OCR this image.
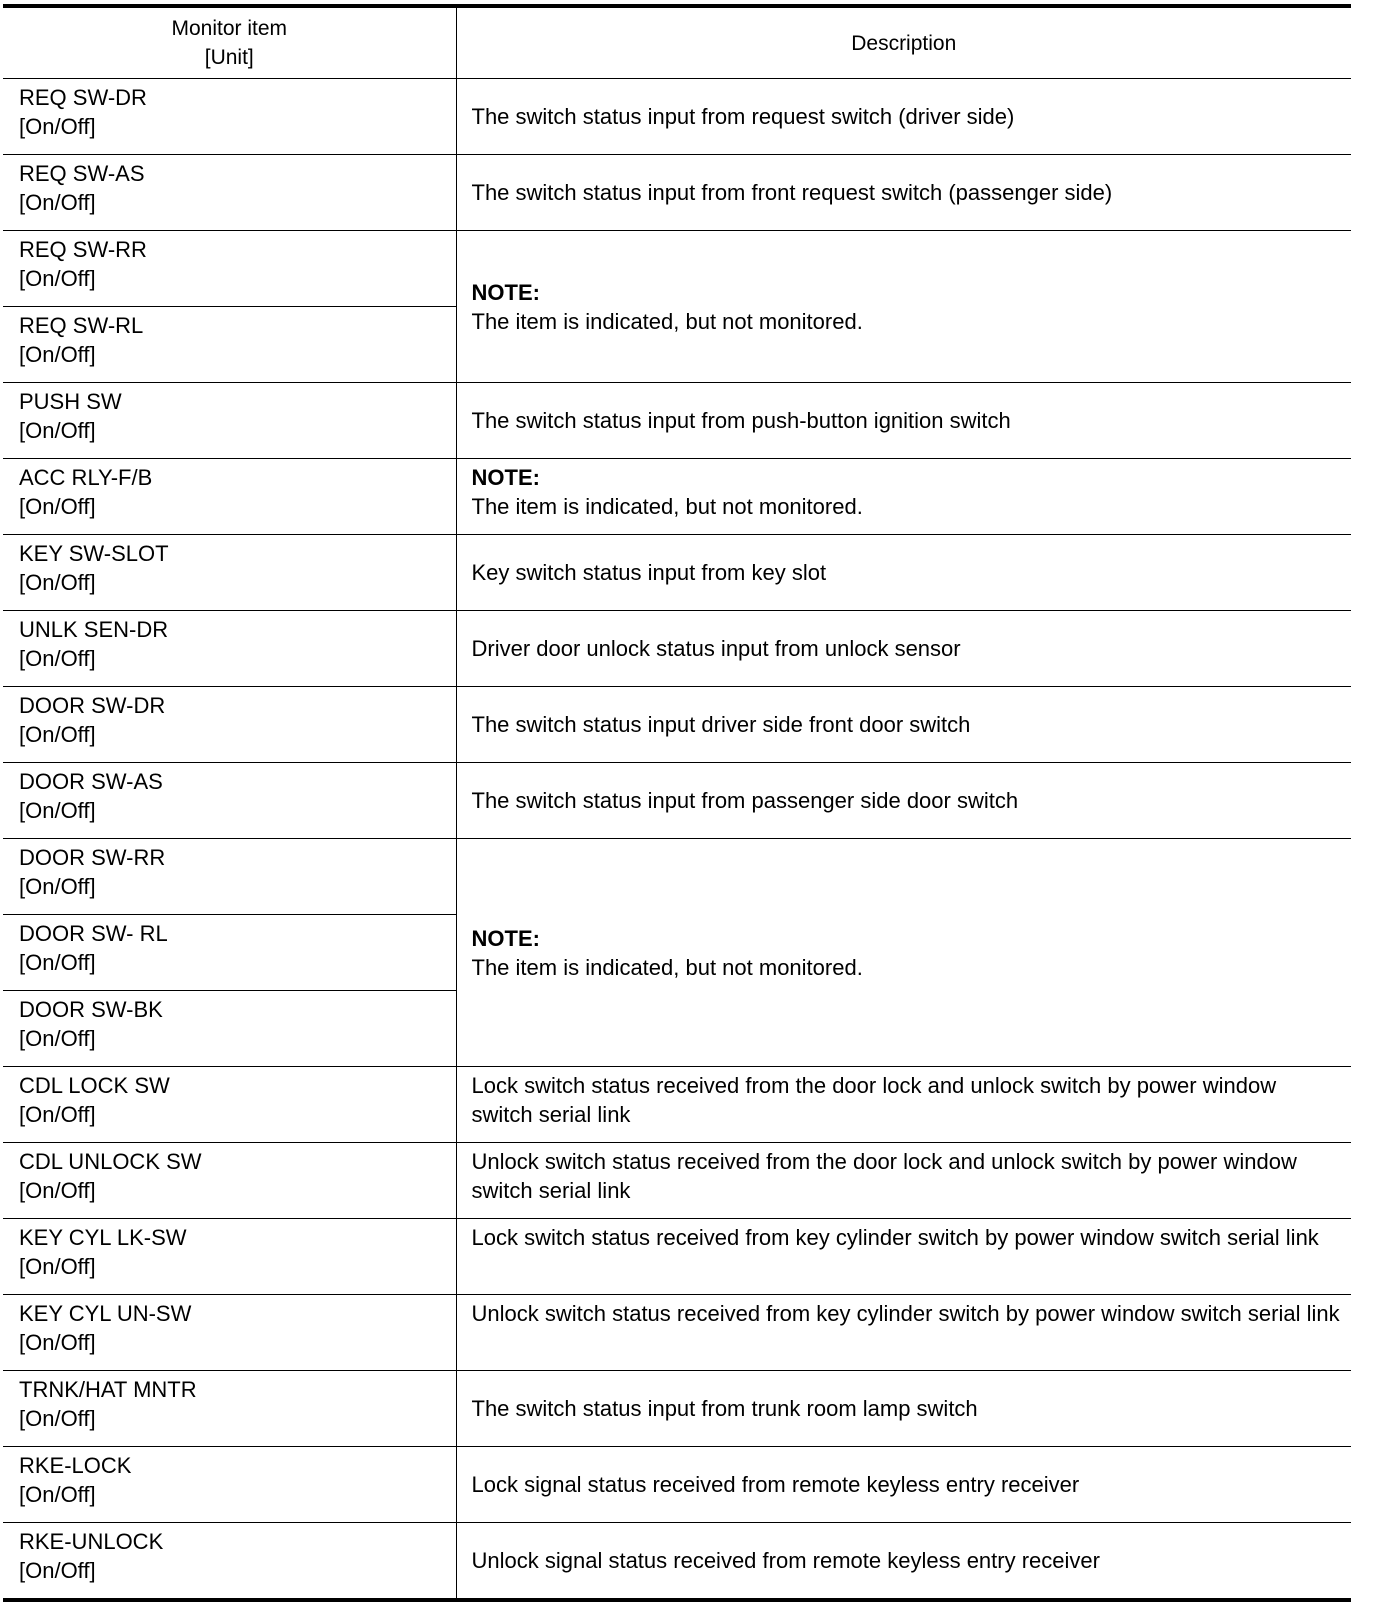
Monitor item
[Unit]	Description

REQ SW-DR
[On/Off]	The switch status input from request switch (driver side)

REQ SW-AS
[On/Off]	The switch status input from front request switch (passenger side)

REQ SW-RR
[On/Off]	NOTE:
The item is indicated, but not monitored.

REQ SW-RL
[On/Off]	

PUSH SW
[On/Off]	The switch status input from push-button ignition switch

ACC RLY-F/B
[On/Off]	NOTE:
The item is indicated, but not monitored.

KEY SW-SLOT
[On/Off]	Key switch status input from key slot

UNLK SEN-DR
[On/Off]	Driver door unlock status input from unlock sensor

DOOR SW-DR
[On/Off]	The switch status input driver side front door switch

DOOR SW-AS
[On/Off]	The switch status input from passenger side door switch

DOOR SW-RR
[On/Off]	NOTE:
The item is indicated, but not monitored.

DOOR SW- RL
[On/Off]	

DOOR SW-BK
[On/Off]	

CDL LOCK SW
[On/Off]	Lock switch status received from the door lock and unlock switch by power window switch serial link

CDL UNLOCK SW
[On/Off]	Unlock switch status received from the door lock and unlock switch by power window switch serial link

KEY CYL LK-SW
[On/Off]	Lock switch status received from key cylinder switch by power window switch serial link

KEY CYL UN-SW
[On/Off]	Unlock switch status received from key cylinder switch by power window switch serial link

TRNK/HAT MNTR
[On/Off]	The switch status input from trunk room lamp switch

RKE-LOCK
[On/Off]	Lock signal status received from remote keyless entry receiver

RKE-UNLOCK
[On/Off]	Unlock signal status received from remote keyless entry receiver
